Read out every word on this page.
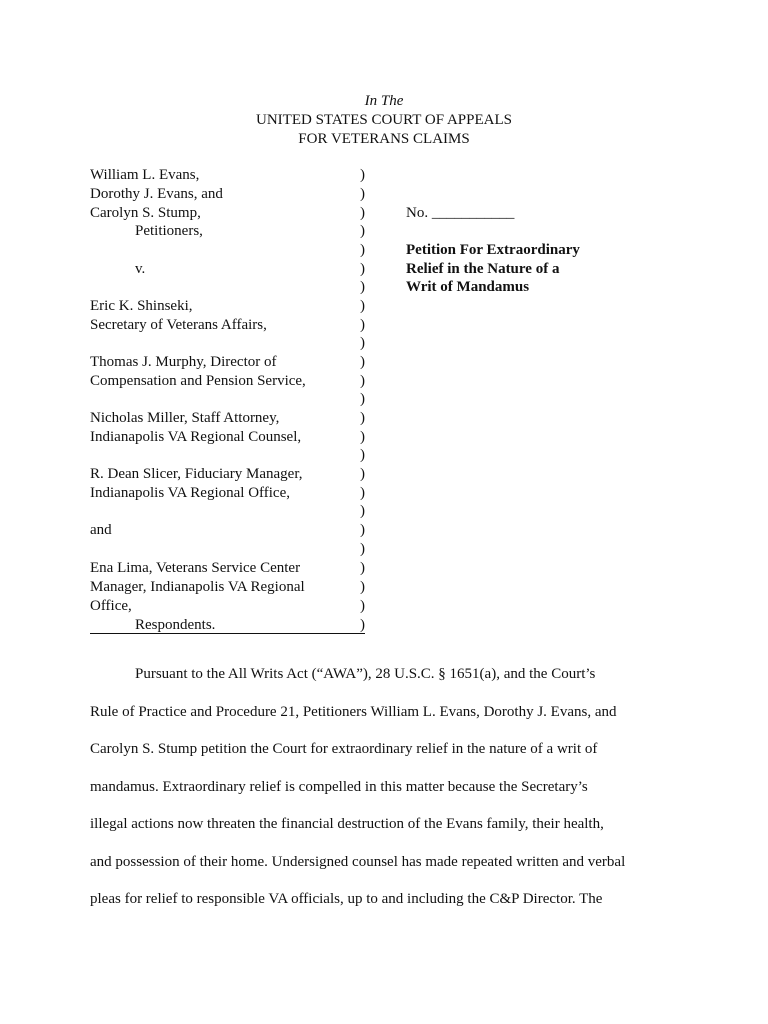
In The
UNITED STATES COURT OF APPEALS
FOR VETERANS CLAIMS
William L. Evans,
Dorothy J. Evans, and
Carolyn S. Stump,
Petitioners,
v.
Eric K. Shinseki,
Secretary of Veterans Affairs,
Thomas J. Murphy, Director of
Compensation and Pension Service,
Nicholas Miller, Staff Attorney,
Indianapolis VA Regional Counsel,
R. Dean Slicer, Fiduciary Manager,
Indianapolis VA Regional Office,
and
Ena Lima, Veterans Service Center
Manager, Indianapolis VA Regional
Office,
Respondents.
)
)
)
)
)
)
)
)
)
)
)
)
)
)
)
)
)
)
)
)
)
)
)
)
)
No. ___________
Petition For Extraordinary
Relief in the Nature of a
Writ of Mandamus
Pursuant to the All Writs Act (“AWA”), 28 U.S.C. § 1651(a), and the Court’s
Rule of Practice and Procedure 21, Petitioners William L. Evans, Dorothy J. Evans, and
Carolyn S. Stump petition the Court for extraordinary relief in the nature of a writ of
mandamus. Extraordinary relief is compelled in this matter because the Secretary’s
illegal actions now threaten the financial destruction of the Evans family, their health,
and possession of their home. Undersigned counsel has made repeated written and verbal
pleas for relief to responsible VA officials, up to and including the C&P Director. The
